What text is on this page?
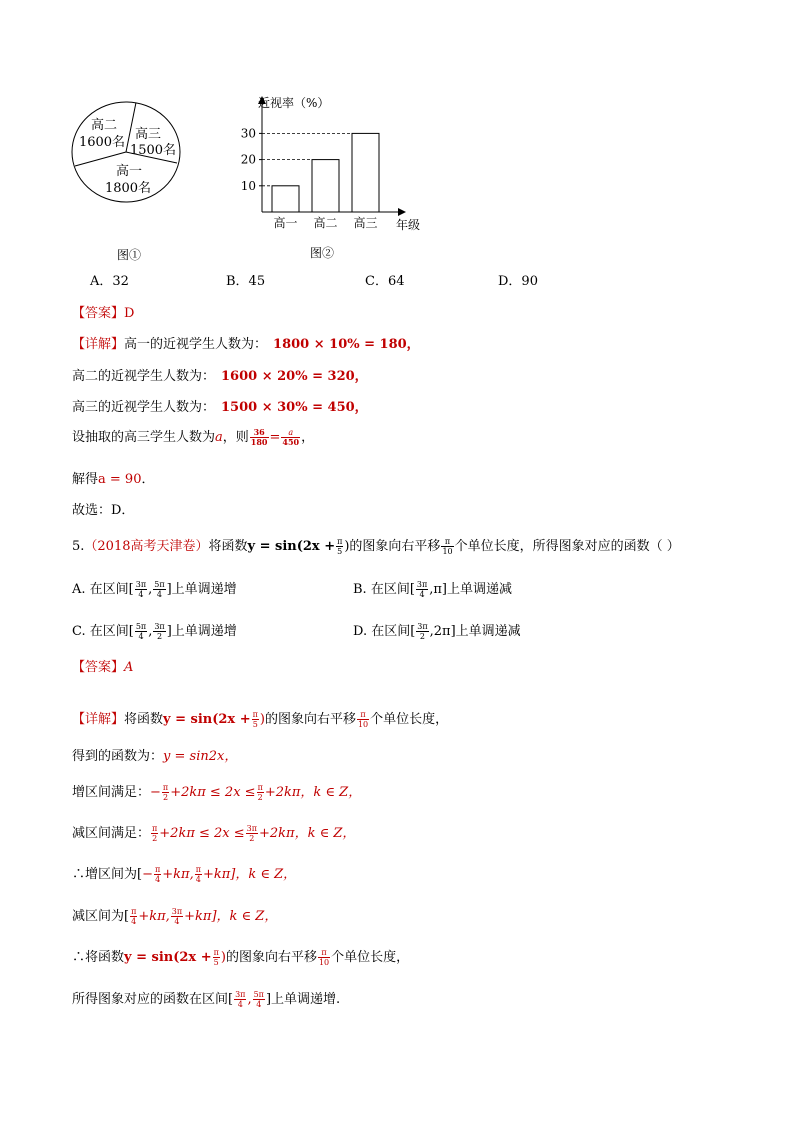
高二
1600名
高三
1500名
高一
1800名
图①
近视率（%）
年级
高一 高二 高三
10
20
30
图②
A．32	B．45	C．64	D．90
【答案】D
【详解】高一的近视学生人数为： 1800 × 10% = 180，
高二的近视学生人数为： 1600 × 20% = 320，
高三的近视学生人数为： 1500 × 30% = 450，
设抽取的高三学生人数为a，则 $\frac{36}{180} = \frac{a}{450}$ ，
解得a = 90．
故选：D．
5.（2018高考天津卷）将函数$y = \sin(2x + \frac{\pi}{5}$ )的图象向右平移 $\frac{\pi}{10}$ 个单位长度，所得图象对应的函数（ ）
A. 在区间[ $\frac{3\pi}{4}$ , $\frac{5\pi}{4}$ ]上单调递增	B. 在区间[ $\frac{3\pi}{4} ,\pi$]上单调递减
C. 在区间[ $\frac{5\pi}{4}$ , $\frac{3\pi}{2}$ ]上单调递增	D. 在区间[ $\frac{3\pi}{2} ,2\pi$]上单调递减
【答案】A
【详解】将函数$y = \sin(2x + \frac{\pi}{5}$ )的图象向右平移 $\frac{\pi}{10}$ 个单位长度，
得到的函数为：y = sin2x，
增区间满足：− $\frac{\pi}{2} +2k\pi \le 2x \le \frac{\pi}{2} +2k\pi$，k ∈ Z，
减区间满足： $\frac{\pi}{2} +2k\pi \le 2x \le \frac{3\pi}{2} +2k\pi$，k ∈ Z，
∴增区间为[− $\frac{\pi}{4} +k\pi$, $\frac{\pi}{4} +k\pi$]，k ∈ Z，
减区间为[ $\frac{\pi}{4} +k\pi$, $\frac{3\pi}{4} +k\pi$]，k ∈ Z，
∴将函数$y = \sin(2x + \frac{\pi}{5}$ )的图象向右平移 $\frac{\pi}{10}$ 个单位长度，
所得图象对应的函数在区间[ $\frac{3\pi}{4}$ , $\frac{5\pi}{4}$ ]上单调递增.
